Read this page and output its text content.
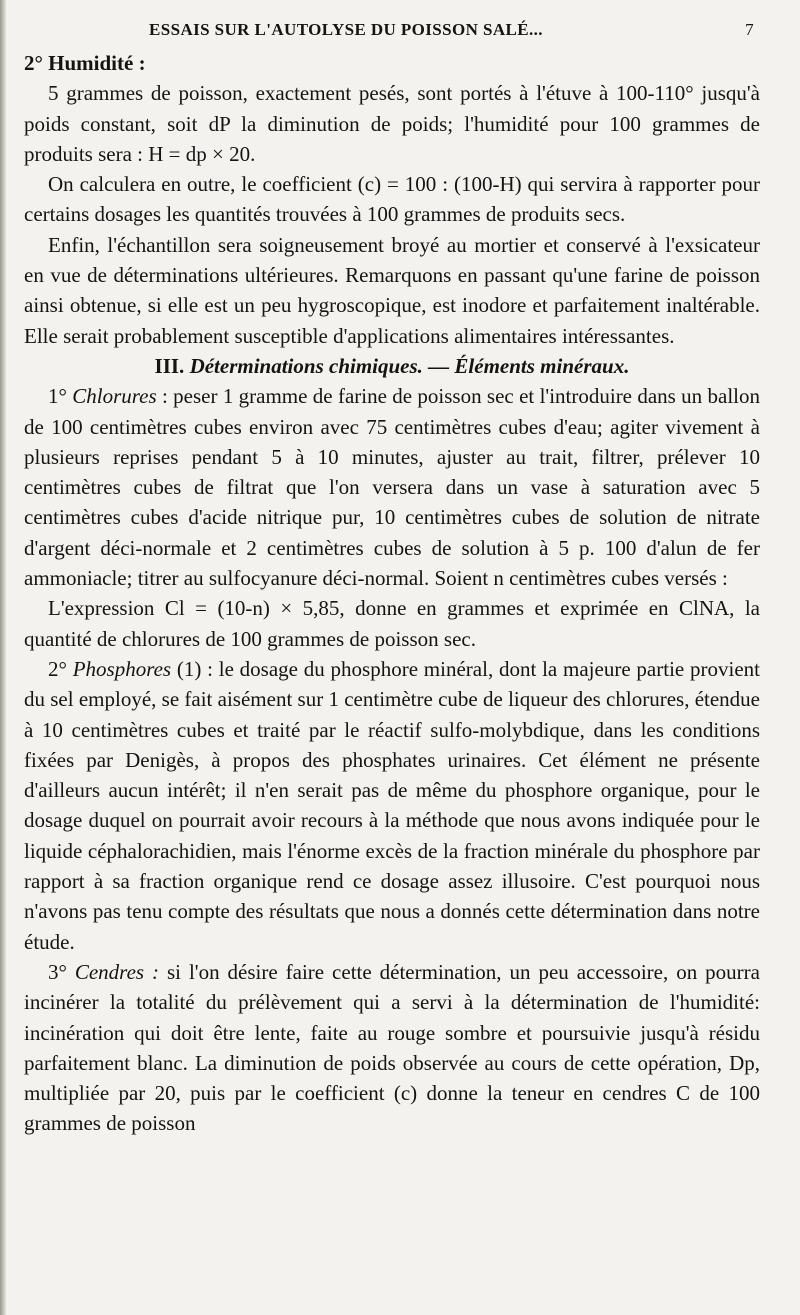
ESSAIS SUR L'AUTOLYSE DU POISSON SALÉ...	7

2° Humidité :

5 grammes de poisson, exactement pesés, sont portés à l'étuve à 100-110° jusqu'à poids constant, soit dP la diminution de poids; l'humidité pour 100 grammes de produits sera : H = dp × 20.

On calculera en outre, le coefficient (c) = 100 : (100-H) qui servira à rapporter pour certains dosages les quantités trouvées à 100 grammes de produits secs.

Enfin, l'échantillon sera soigneusement broyé au mortier et conservé à l'exsicateur en vue de déterminations ultérieures. Remarquons en passant qu'une farine de poisson ainsi obtenue, si elle est un peu hygroscopique, est inodore et parfaitement inaltérable. Elle serait probablement susceptible d'applications alimentaires intéressantes.

III. Déterminations chimiques. — Éléments minéraux.

1° Chlorures : peser 1 gramme de farine de poisson sec et l'introduire dans un ballon de 100 centimètres cubes environ avec 75 centimètres cubes d'eau; agiter vivement à plusieurs reprises pendant 5 à 10 minutes, ajuster au trait, filtrer, prélever 10 centimètres cubes de filtrat que l'on versera dans un vase à saturation avec 5 centimètres cubes d'acide nitrique pur, 10 centimètres cubes de solution de nitrate d'argent déci-normale et 2 centimètres cubes de solution à 5 p. 100 d'alun de fer ammoniacle; titrer au sulfocyanure déci-normal. Soient n centimètres cubes versés :

L'expression Cl = (10-n) × 5,85, donne en grammes et exprimée en ClNA, la quantité de chlorures de 100 grammes de poisson sec.

2° Phosphores (1) : le dosage du phosphore minéral, dont la majeure partie provient du sel employé, se fait aisément sur 1 centimètre cube de liqueur des chlorures, étendue à 10 centimètres cubes et traité par le réactif sulfo-molybdique, dans les conditions fixées par Denigès, à propos des phosphates urinaires. Cet élément ne présente d'ailleurs aucun intérêt; il n'en serait pas de même du phosphore organique, pour le dosage duquel on pourrait avoir recours à la méthode que nous avons indiquée pour le liquide céphalorachidien, mais l'énorme excès de la fraction minérale du phosphore par rapport à sa fraction organique rend ce dosage assez illusoire. C'est pourquoi nous n'avons pas tenu compte des résultats que nous a donnés cette détermination dans notre étude.

3° Cendres : si l'on désire faire cette détermination, un peu accessoire, on pourra incinérer la totalité du prélèvement qui a servi à la détermination de l'humidité: incinération qui doit être lente, faite au rouge sombre et poursuivie jusqu'à résidu parfaitement blanc. La diminution de poids observée au cours de cette opération, Dp, multipliée par 20, puis par le coefficient (c) donne la teneur en cendres C de 100 grammes de poisson
